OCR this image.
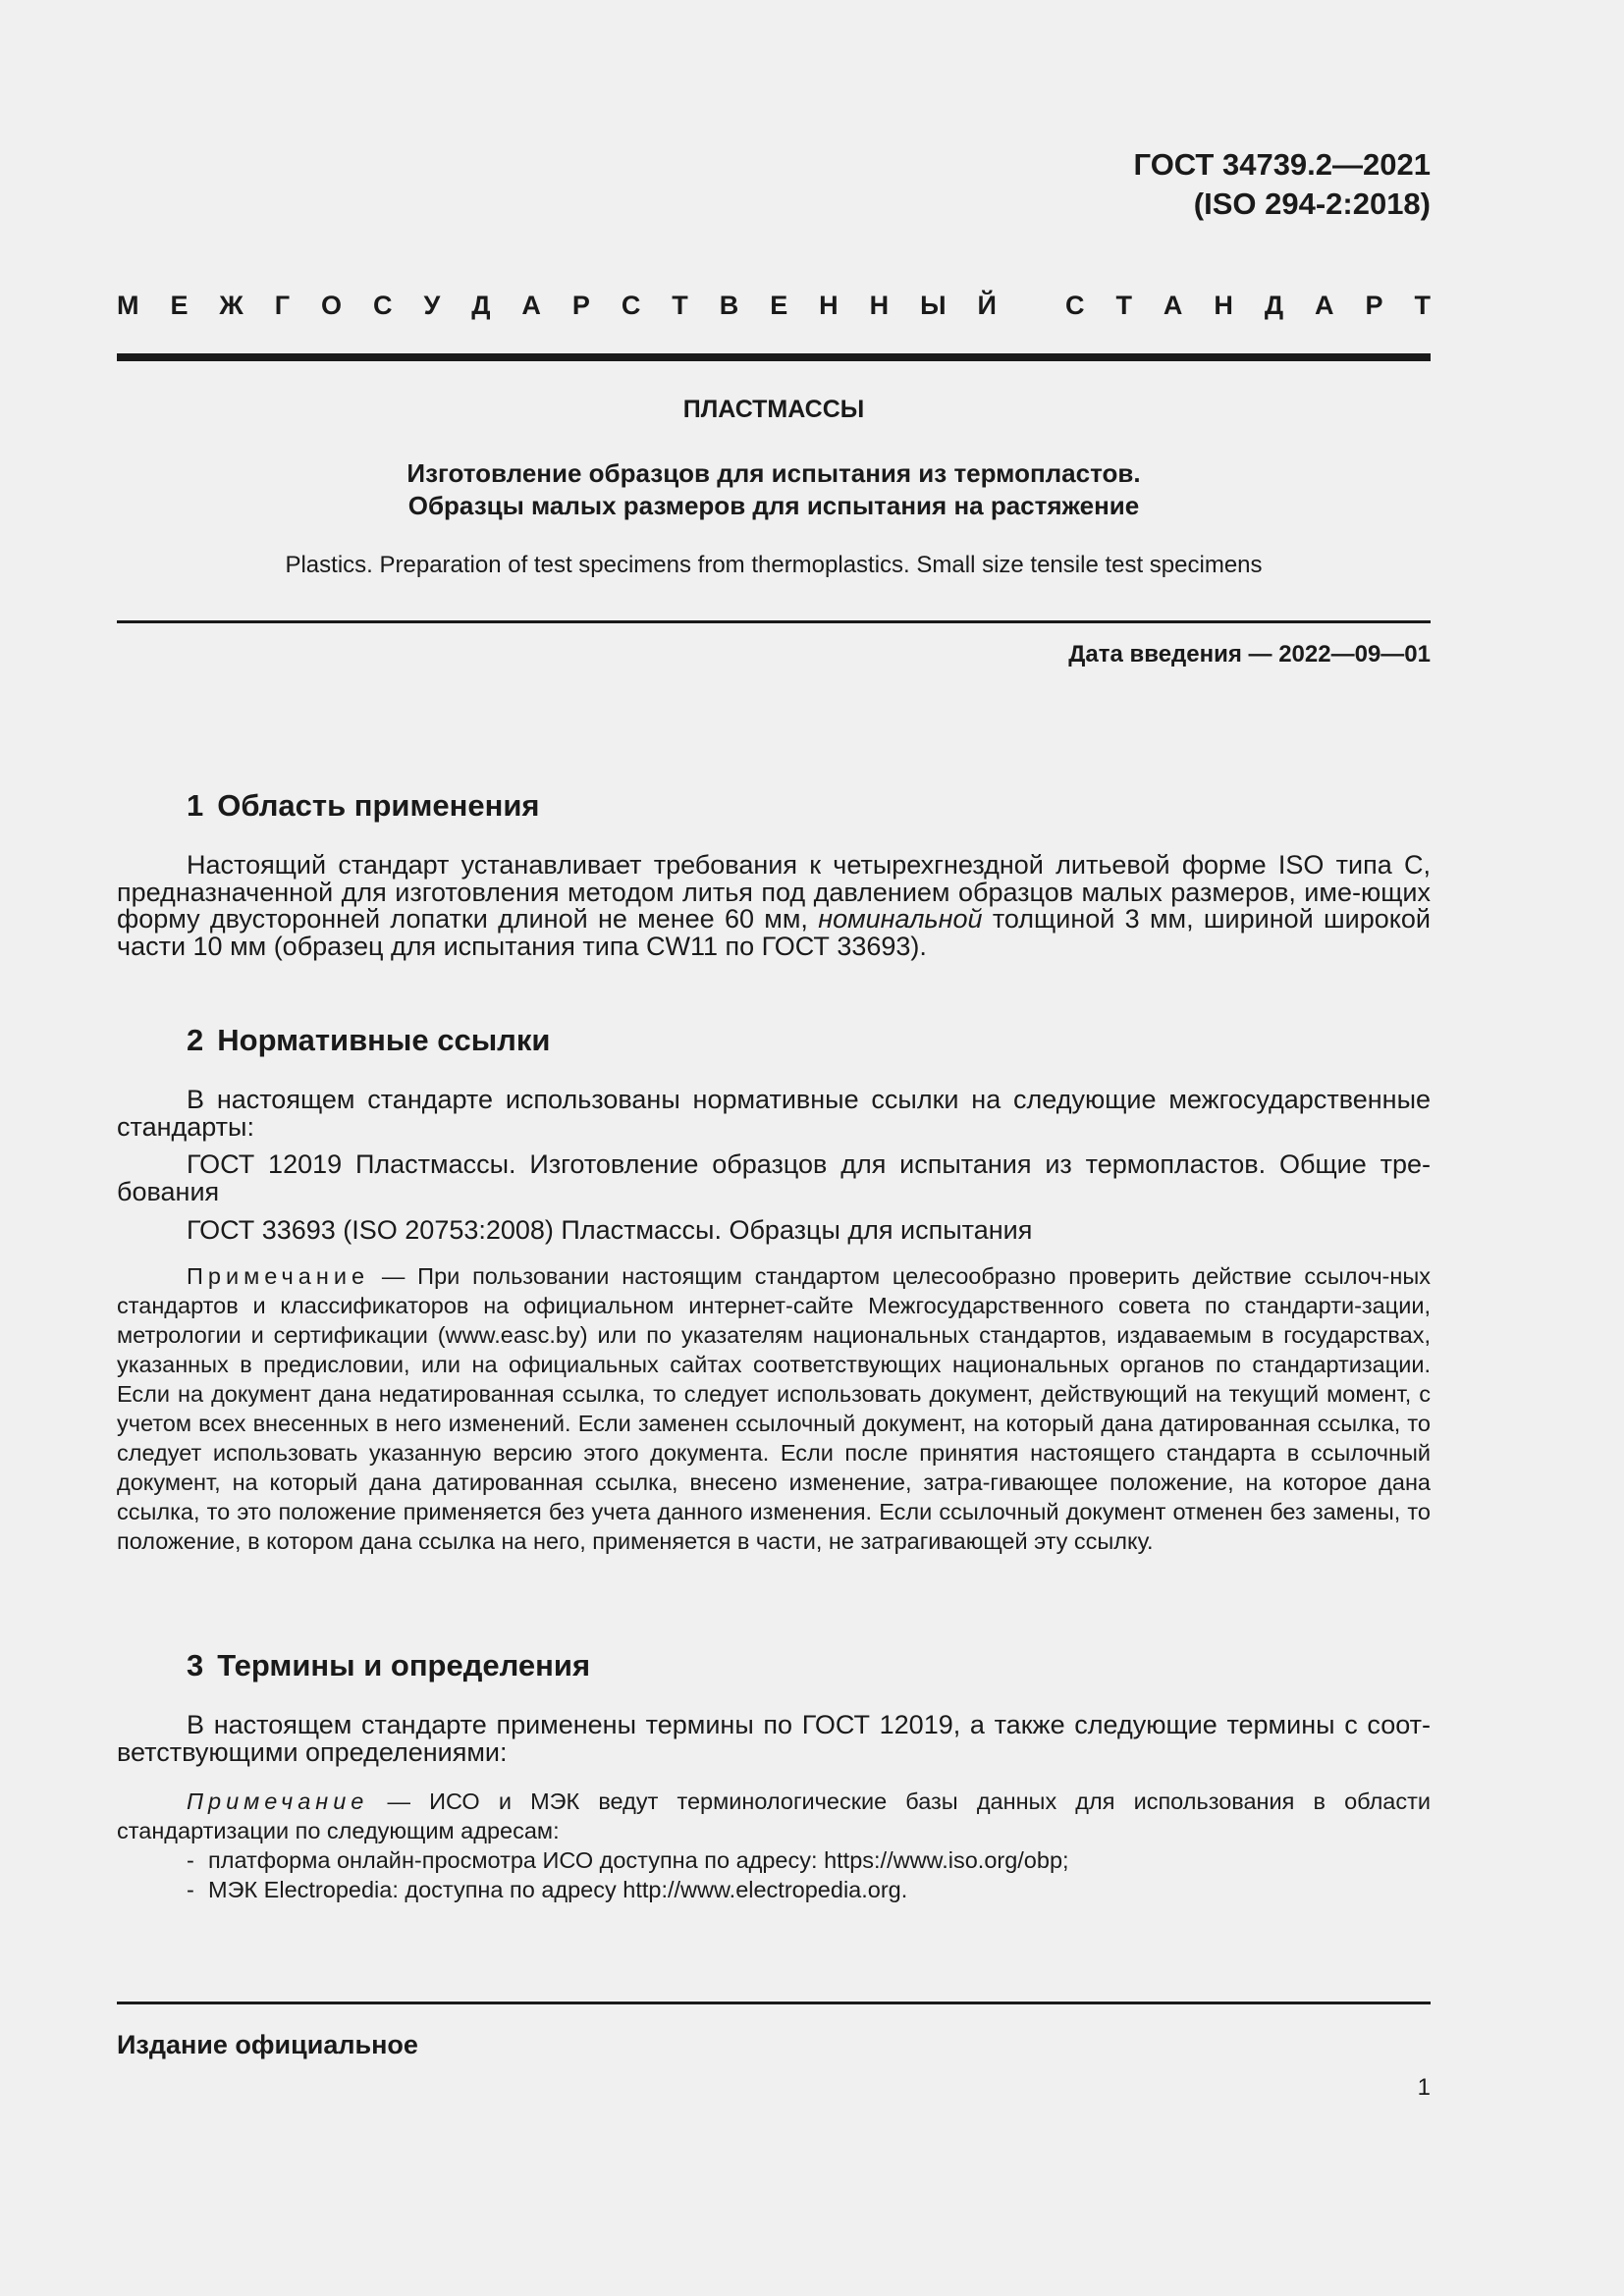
ГОСТ 34739.2—2021
(ISO 294-2:2018)
М Е Ж Г О С У Д А Р С Т В Е Н Н Ы Й	С Т А Н Д А Р Т
ПЛАСТМАССЫ
Изготовление образцов для испытания из термопластов.
Образцы малых размеров для испытания на растяжение
Plastics. Preparation of test specimens from thermoplastics. Small size tensile test specimens
Дата введения — 2022—09—01
1 Область применения

Настоящий стандарт устанавливает требования к четырехгнездной литьевой форме ISO типа С, предназначенной для изготовления методом литья под давлением образцов малых размеров, име-ющих форму двусторонней лопатки длиной не менее 60 мм, номинальной толщиной 3 мм, шириной широкой части 10 мм (образец для испытания типа CW11 по ГОСТ 33693).

2 Нормативные ссылки

В настоящем стандарте использованы нормативные ссылки на следующие межгосударственные стандарты:

ГОСТ 12019 Пластмассы. Изготовление образцов для испытания из термопластов. Общие тре-бования

ГОСТ 33693 (ISO 20753:2008) Пластмассы. Образцы для испытания

Примечание — При пользовании настоящим стандартом целесообразно проверить действие ссылоч-ных стандартов и классификаторов на официальном интернет-сайте Межгосударственного совета по стандарти-зации, метрологии и сертификации (www.easc.by) или по указателям национальных стандартов, издаваемым в государствах, указанных в предисловии, или на официальных сайтах соответствующих национальных органов по стандартизации. Если на документ дана недатированная ссылка, то следует использовать документ, действующий на текущий момент, с учетом всех внесенных в него изменений. Если заменен ссылочный документ, на который дана датированная ссылка, то следует использовать указанную версию этого документа. Если после принятия настоящего стандарта в ссылочный документ, на который дана датированная ссылка, внесено изменение, затра-гивающее положение, на которое дана ссылка, то это положение применяется без учета данного изменения. Если ссылочный документ отменен без замены, то положение, в котором дана ссылка на него, применяется в части, не затрагивающей эту ссылку.

3 Термины и определения

В настоящем стандарте применены термины по ГОСТ 12019, а также следующие термины с соот-ветствующими определениями:

Примечание — ИСО и МЭК ведут терминологические базы данных для использования в области стандартизации по следующим адресам:

- платформа онлайн-просмотра ИСО доступна по адресу: https://www.iso.org/obp;
- МЭК Electropedia: доступна по адресу http://www.electropedia.org.
Издание официальное
1
